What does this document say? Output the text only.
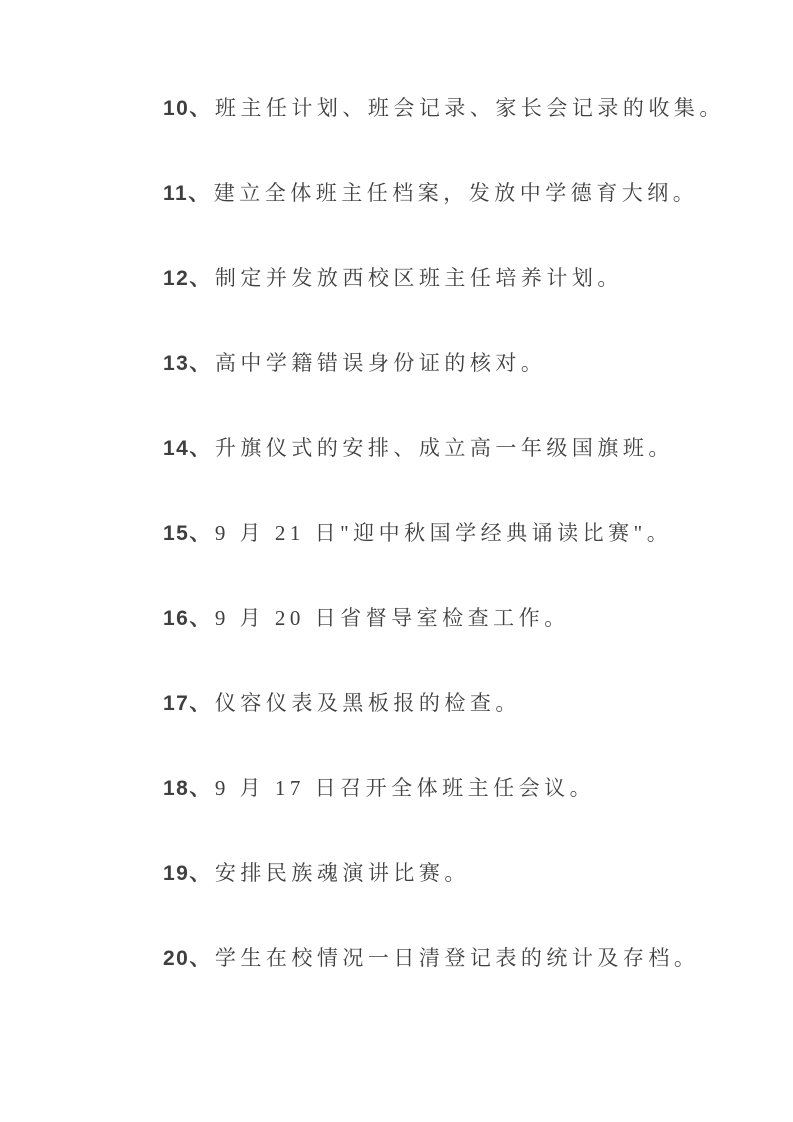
10、 班主任计划、班会记录、家长会记录的收集。

11、 建立全体班主任档案，发放中学德育大纲。

12、 制定并发放西校区班主任培养计划。

13、 高中学籍错误身份证的核对。

14、 升旗仪式的安排、成立高一年级国旗班。

15、 9 月 21 日"迎中秋国学经典诵读比赛"。

16、 9 月 20 日省督导室检查工作。

17、 仪容仪表及黑板报的检查。

18、 9 月 17 日召开全体班主任会议。

19、 安排民族魂演讲比赛。

20、 学生在校情况一日清登记表的统计及存档。
